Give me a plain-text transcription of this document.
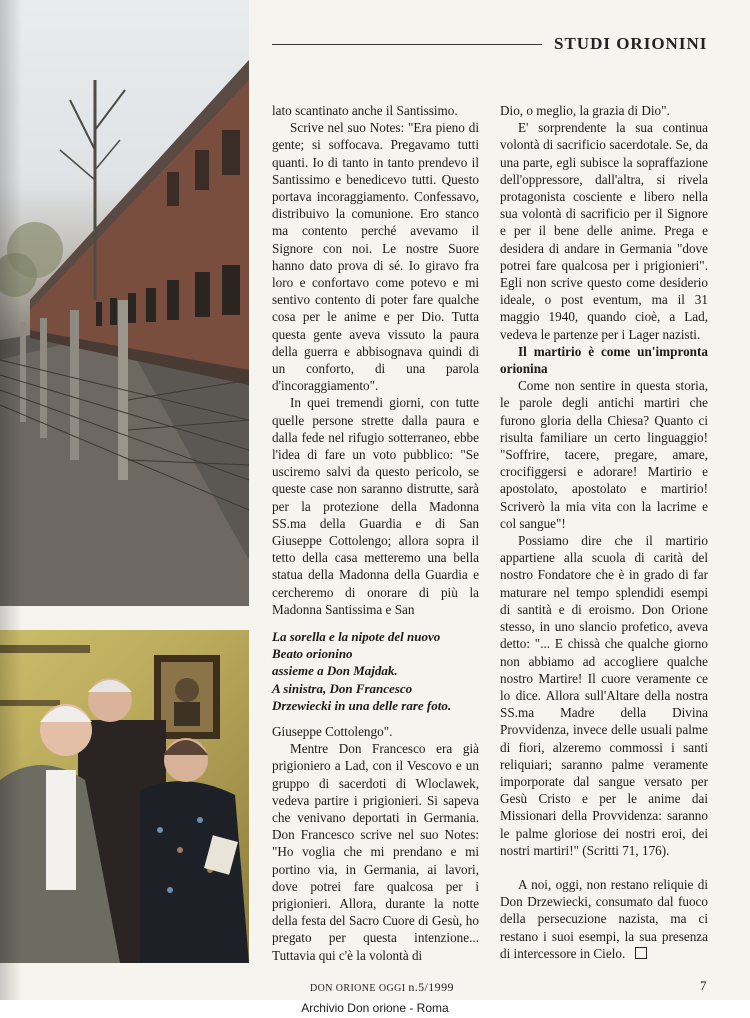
STUDI ORIONINI

lato scantinato anche il Santissimo.

Scrive nel suo Notes: "Era pieno di gente; si soffocava. Pregavamo tutti quanti. Io di tanto in tanto prendevo il Santissimo e benedicevo tutti. Questo portava incoraggiamento. Confessavo, distribuivo la comunione. Ero stanco ma contento perché avevamo il Signore con noi. Le nostre Suore hanno dato prova di sé. Io giravo fra loro e confortavo come potevo e mi sentivo contento di poter fare qualche cosa per le anime e per Dio. Tutta questa gente aveva vissuto la paura della guerra e abbisognava quindi di un conforto, di una parola d'incoraggiamento".

In quei tremendi giorni, con tutte quelle persone strette dalla paura e dalla fede nel rifugio sotterraneo, ebbe l'idea di fare un voto pubblico: "Se usciremo salvi da questo pericolo, se queste case non saranno distrutte, sarà per la protezione della Madonna SS.ma della Guardia e di San Giuseppe Cottolengo; allora sopra il tetto della casa metteremo una bella statua della Madonna della Guardia e cercheremo di onorare di più la Madonna Santissima e San

La sorella e la nipote del nuovo
Beato orionino
assieme a Don Majdak.
A sinistra, Don Francesco
Drzewiecki in una delle rare foto.

Giuseppe Cottolengo".

Mentre Don Francesco era già prigioniero a Lad, con il Vescovo e un gruppo di sacerdoti di Wloclawek, vedeva partire i prigionieri. Si sapeva che venivano deportati in Germania. Don Francesco scrive nel suo Notes: "Ho voglia che mi prendano e mi portino via, in Germania, ai lavori, dove potrei fare qualcosa per i prigionieri. Allora, durante la notte della festa del Sacro Cuore di Gesù, ho pregato per questa intenzione... Tuttavia qui c'è la volontà di

Dio, o meglio, la grazia di Dio".

E' sorprendente la sua continua volontà di sacrificio sacerdotale. Se, da una parte, egli subisce la sopraffazione dell'oppressore, dall'altra, si rivela protagonista cosciente e libero nella sua volontà di sacrificio per il Signore e per il bene delle anime. Prega e desidera di andare in Germania "dove potrei fare qualcosa per i prigionieri". Egli non scrive questo come desiderio ideale, o post eventum, ma il 31 maggio 1940, quando cioè, a Lad, vedeva le partenze per i Lager nazisti.

Il martirio è come un'impronta orionina

Come non sentire in questa storia, le parole degli antichi martiri che furono gloria della Chiesa? Quanto ci risulta familiare un certo linguaggio! "Soffrire, tacere, pregare, amare, crocifiggersi e adorare! Martirio e apostolato, apostolato e martirio! Scriverò la mia vita con la lacrime e col sangue"!

Possiamo dire che il martirio appartiene alla scuola di carità del nostro Fondatore che è in grado di far maturare nel tempo splendidi esempi di santità e di eroismo. Don Orione stesso, in uno slancio profetico, aveva detto: "... E chissà che qualche giorno non abbiamo ad accogliere qualche nostro Martire! Il cuore veramente ce lo dice. Allora sull'Altare della nostra SS.ma Madre della Divina Provvidenza, invece delle usuali palme di fiori, alzeremo commossi i santi reliquiari; saranno palme veramente imporporate dal sangue versato per Gesù Cristo e per le anime dai Missionari della Provvidenza: saranno le palme gloriose dei nostri eroi, dei nostri martiri!" (Scritti 71, 176).

A noi, oggi, non restano reliquie di Don Drzewiecki, consumato dal fuoco della persecuzione nazista, ma ci restano i suoi esempi, la sua presenza di intercessore in Cielo.

DON ORIONE OGGI n.5/1999	7
Archivio Don orione - Roma
